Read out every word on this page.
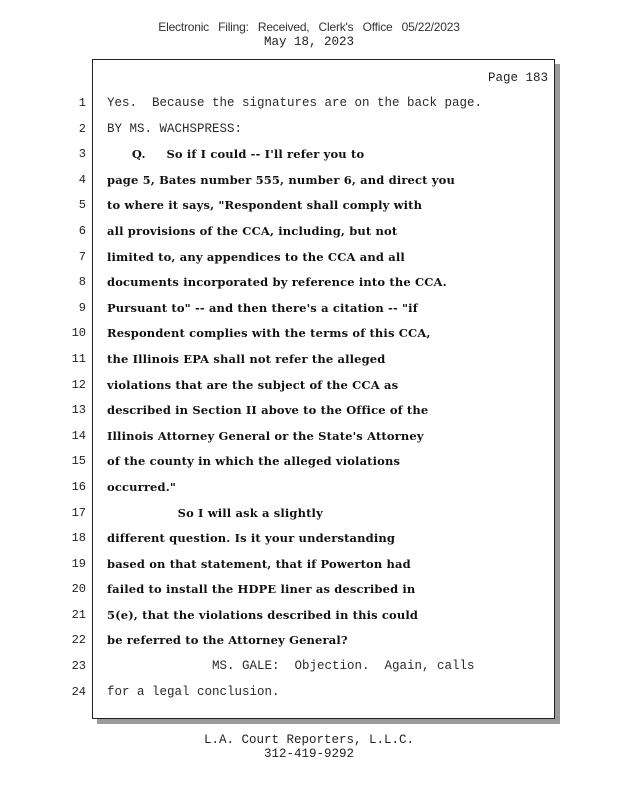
Electronic Filing: Received, Clerk's Office 05/22/2023
May 18, 2023
Page 183
1
2
3
4
5
6
7
8
9
10
11
12
13
14
15
16
17
18
19
20
21
22
23
24
Yes.  Because the signatures are on the back page.
BY MS. WACHSPRESS:
Q.     So if I could -- I'll refer you to
page 5, Bates number 555, number 6, and direct you
to where it says, "Respondent shall comply with
all provisions of the CCA, including, but not
limited to, any appendices to the CCA and all
documents incorporated by reference into the CCA.
Pursuant to" -- and then there's a citation -- "if
Respondent complies with the terms of this CCA,
the Illinois EPA shall not refer the alleged
violations that are the subject of the CCA as
described in Section II above to the Office of the
Illinois Attorney General or the State's Attorney
of the county in which the alleged violations
occurred."
So I will ask a slightly
different question. Is it your understanding
based on that statement, that if Powerton had
failed to install the HDPE liner as described in
5(e), that the violations described in this could
be referred to the Attorney General?
MS. GALE:  Objection.  Again, calls
for a legal conclusion.
L.A. Court Reporters, L.L.C.
312-419-9292
